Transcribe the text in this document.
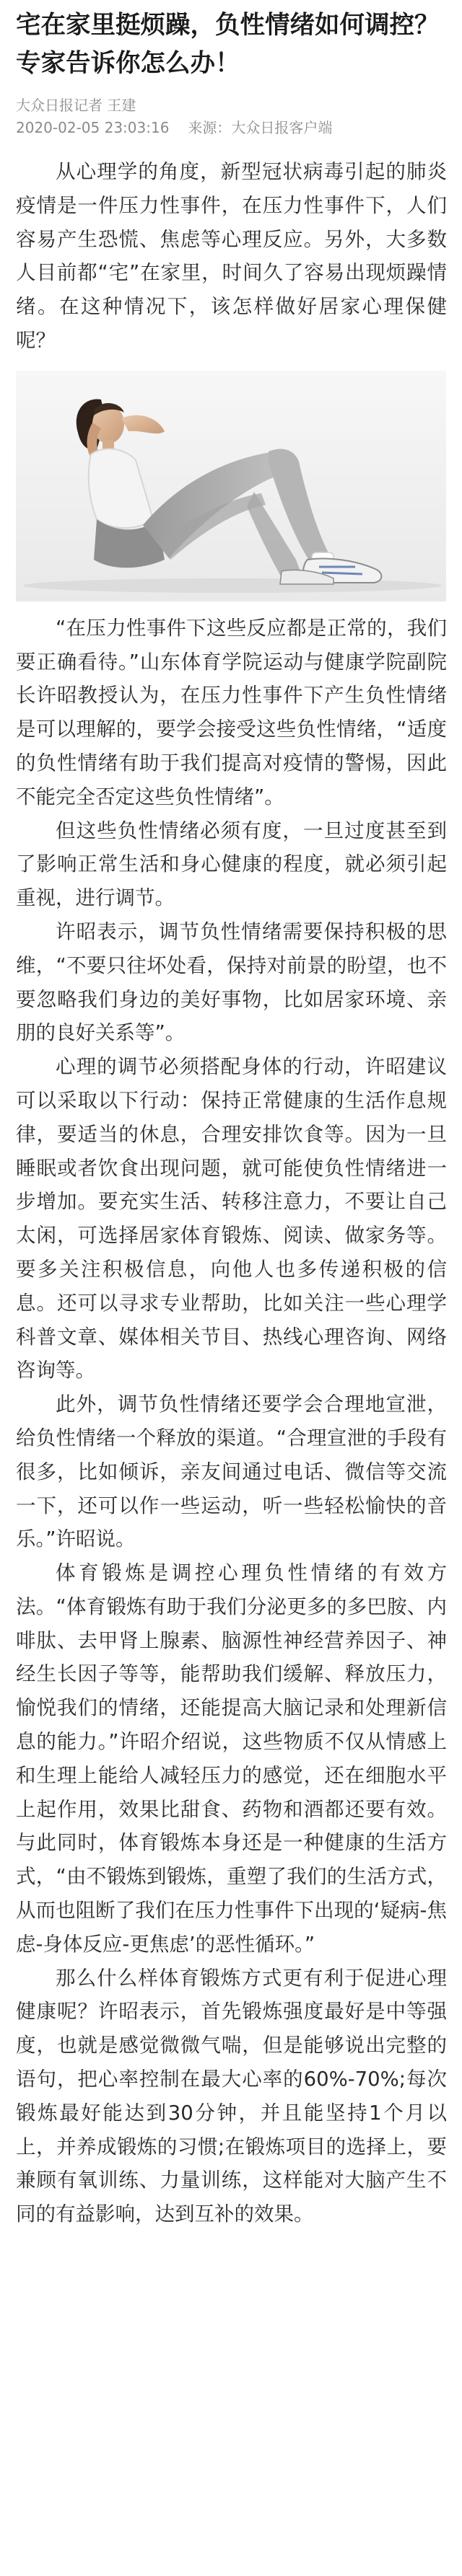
宅在家里挺烦躁，负性情绪如何调控？专家告诉你怎么办！
大众日报记者 王建
2020-02-05 23:03:16 来源：大众日报客户端

从心理学的角度，新型冠状病毒引起的肺炎疫情是一件压力性事件，在压力性事件下，人们容易产生恐慌、焦虑等心理反应。另外，大多数人目前都“宅”在家里，时间久了容易出现烦躁情绪。在这种情况下，该怎样做好居家心理保健呢？

“在压力性事件下这些反应都是正常的，我们要正确看待。”山东体育学院运动与健康学院副院长许昭教授认为，在压力性事件下产生负性情绪是可以理解的，要学会接受这些负性情绪，“适度的负性情绪有助于我们提高对疫情的警惕，因此不能完全否定这些负性情绪”。

但这些负性情绪必须有度，一旦过度甚至到了影响正常生活和身心健康的程度，就必须引起重视，进行调节。

许昭表示，调节负性情绪需要保持积极的思维，“不要只往坏处看，保持对前景的盼望，也不要忽略我们身边的美好事物，比如居家环境、亲朋的良好关系等”。

心理的调节必须搭配身体的行动，许昭建议可以采取以下行动：保持正常健康的生活作息规律，要适当的休息，合理安排饮食等。因为一旦睡眠或者饮食出现问题，就可能使负性情绪进一步增加。要充实生活、转移注意力，不要让自己太闲，可选择居家体育锻炼、阅读、做家务等。要多关注积极信息，向他人也多传递积极的信息。还可以寻求专业帮助，比如关注一些心理学科普文章、媒体相关节目、热线心理咨询、网络咨询等。

此外，调节负性情绪还要学会合理地宣泄，给负性情绪一个释放的渠道。“合理宣泄的手段有很多，比如倾诉，亲友间通过电话、微信等交流一下，还可以作一些运动，听一些轻松愉快的音乐。”许昭说。

体育锻炼是调控心理负性情绪的有效方法。“体育锻炼有助于我们分泌更多的多巴胺、内啡肽、去甲肾上腺素、脑源性神经营养因子、神经生长因子等等，能帮助我们缓解、释放压力，愉悦我们的情绪，还能提高大脑记录和处理新信息的能力。”许昭介绍说，这些物质不仅从情感上和生理上能给人减轻压力的感觉，还在细胞水平上起作用，效果比甜食、药物和酒都还要有效。与此同时，体育锻炼本身还是一种健康的生活方式，“由不锻炼到锻炼，重塑了我们的生活方式，从而也阻断了我们在压力性事件下出现的‘疑病-焦虑-身体反应-更焦虑’的恶性循环。”

那么什么样体育锻炼方式更有利于促进心理健康呢？许昭表示，首先锻炼强度最好是中等强度，也就是感觉微微气喘，但是能够说出完整的语句，把心率控制在最大心率的60%-70%;每次锻炼最好能达到30分钟，并且能坚持1个月以上，并养成锻炼的习惯;在锻炼项目的选择上，要兼顾有氧训练、力量训练，这样能对大脑产生不同的有益影响，达到互补的效果。
